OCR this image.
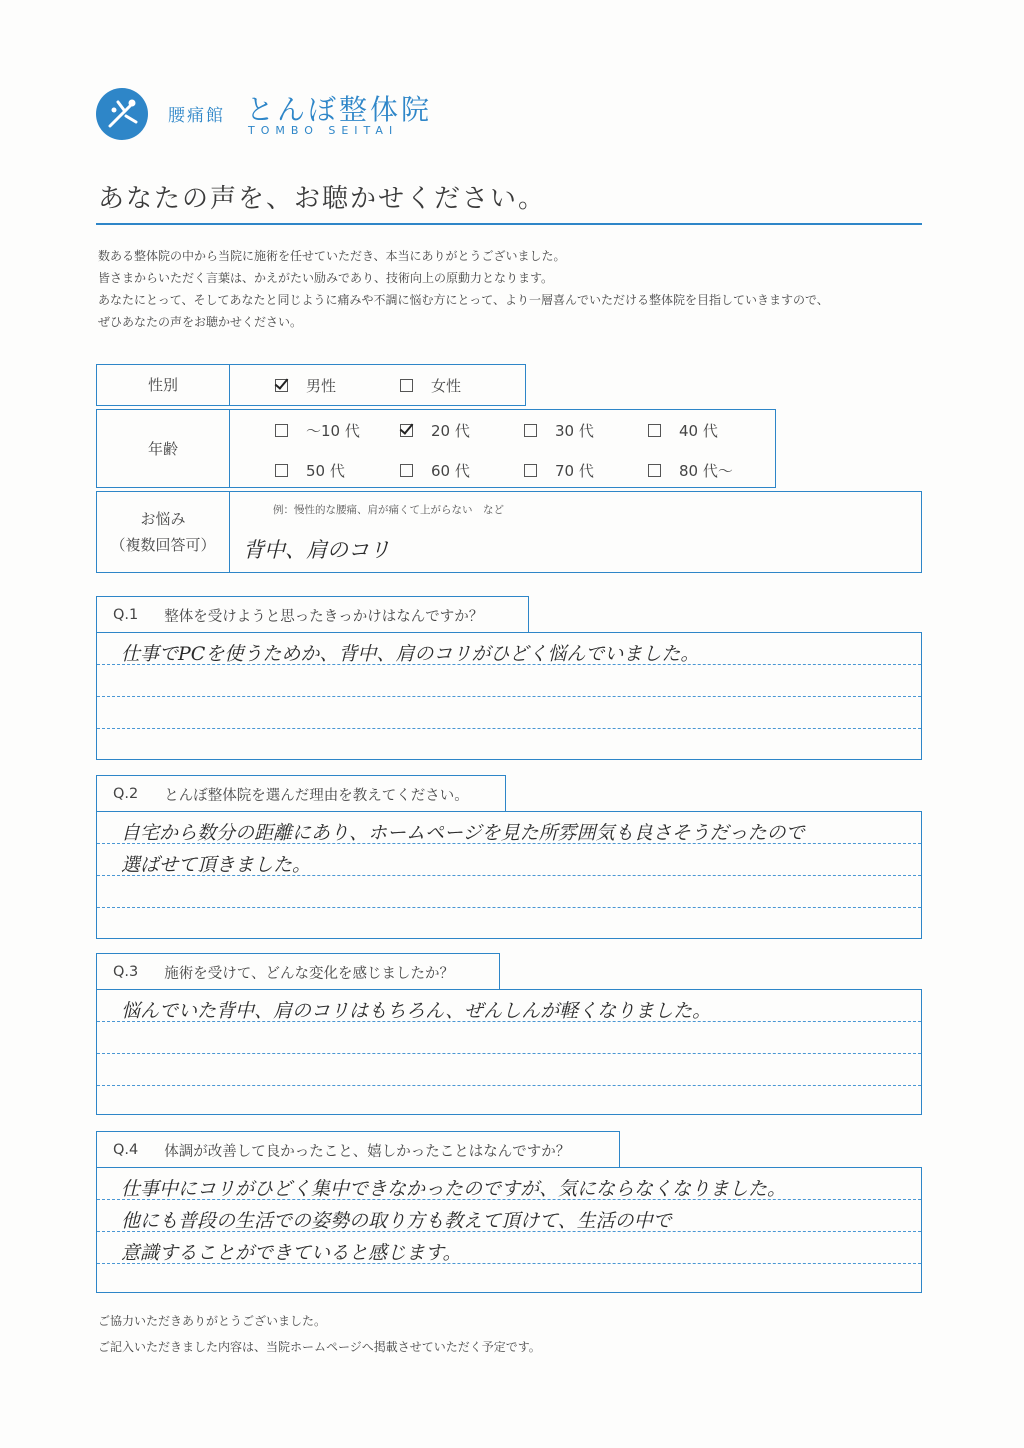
腰痛館 とんぼ整体院
TOMBO SEITAI
あなたの声を、お聴かせください。
数ある整体院の中から当院に施術を任せていただき、本当にありがとうございました。
皆さまからいただく言葉は、かえがたい励みであり、技術向上の原動力となります。
あなたにとって、そしてあなたと同じように痛みや不調に悩む方にとって、より一層喜んでいただける整体院を目指していきますので、
ぜひあなたの声をお聴かせください。
性別	男性	女性
年齢
～10 代	20 代	30 代	40 代
50 代	60 代	70 代	80 代～
お悩み
（複数回答可）
例：慢性的な腰痛、肩が痛くて上がらない　など
背中、肩のコリ
Q.1 整体を受けようと思ったきっかけはなんですか？
仕事でPCを使うためか、背中、肩のコリがひどく悩んでいました。
Q.2 とんぼ整体院を選んだ理由を教えてください。
自宅から数分の距離にあり、ホームページを見た所雰囲気も良さそうだったので
選ばせて頂きました。
Q.3 施術を受けて、どんな変化を感じましたか？
悩んでいた背中、肩のコリはもちろん、ぜんしんが軽くなりました。
Q.4 体調が改善して良かったこと、嬉しかったことはなんですか？
仕事中にコリがひどく集中できなかったのですが、気にならなくなりました。
他にも普段の生活での姿勢の取り方も教えて頂けて、生活の中で
意識することができていると感じます。
ご協力いただきありがとうございました。
ご記入いただきました内容は、当院ホームページへ掲載させていただく予定です。
